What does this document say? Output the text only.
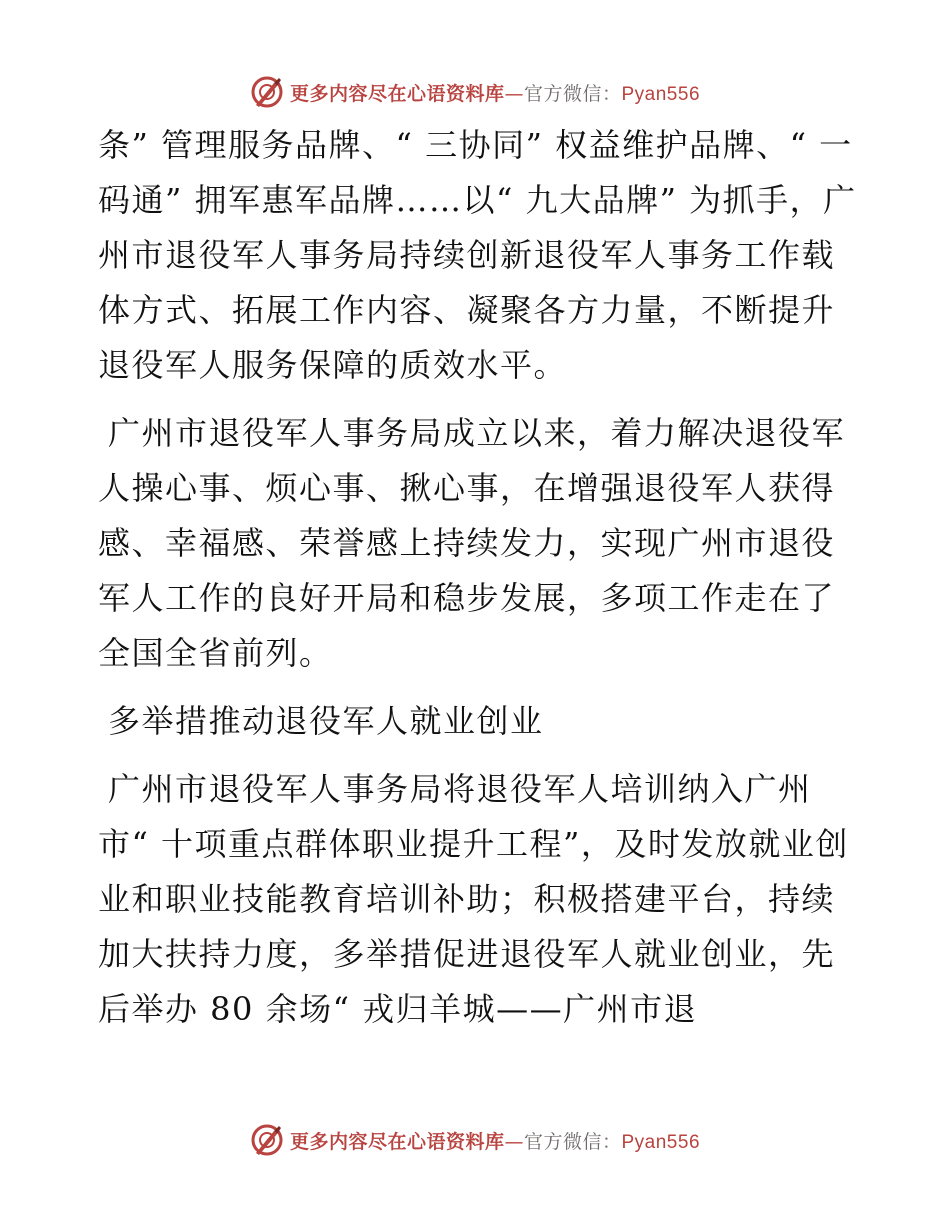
更多内容尽在心语资料库—官方微信：Pyan556

条” 管理服务品牌、“ 三协同” 权益维护品牌、“ 一码通” 拥军惠军品牌……以“ 九大品牌” 为抓手，广州市退役军人事务局持续创新退役军人事务工作载体方式、拓展工作内容、凝聚各方力量，不断提升退役军人服务保障的质效水平。

广州市退役军人事务局成立以来，着力解决退役军人操心事、烦心事、揪心事，在增强退役军人获得感、幸福感、荣誉感上持续发力，实现广州市退役军人工作的良好开局和稳步发展，多项工作走在了全国全省前列。

多举措推动退役军人就业创业

广州市退役军人事务局将退役军人培训纳入广州市“ 十项重点群体职业提升工程”，及时发放就业创业和职业技能教育培训补助；积极搭建平台，持续加大扶持力度，多举措促进退役军人就业创业，先后举办 80 余场“ 戎归羊城——广州市退

更多内容尽在心语资料库—官方微信：Pyan556
